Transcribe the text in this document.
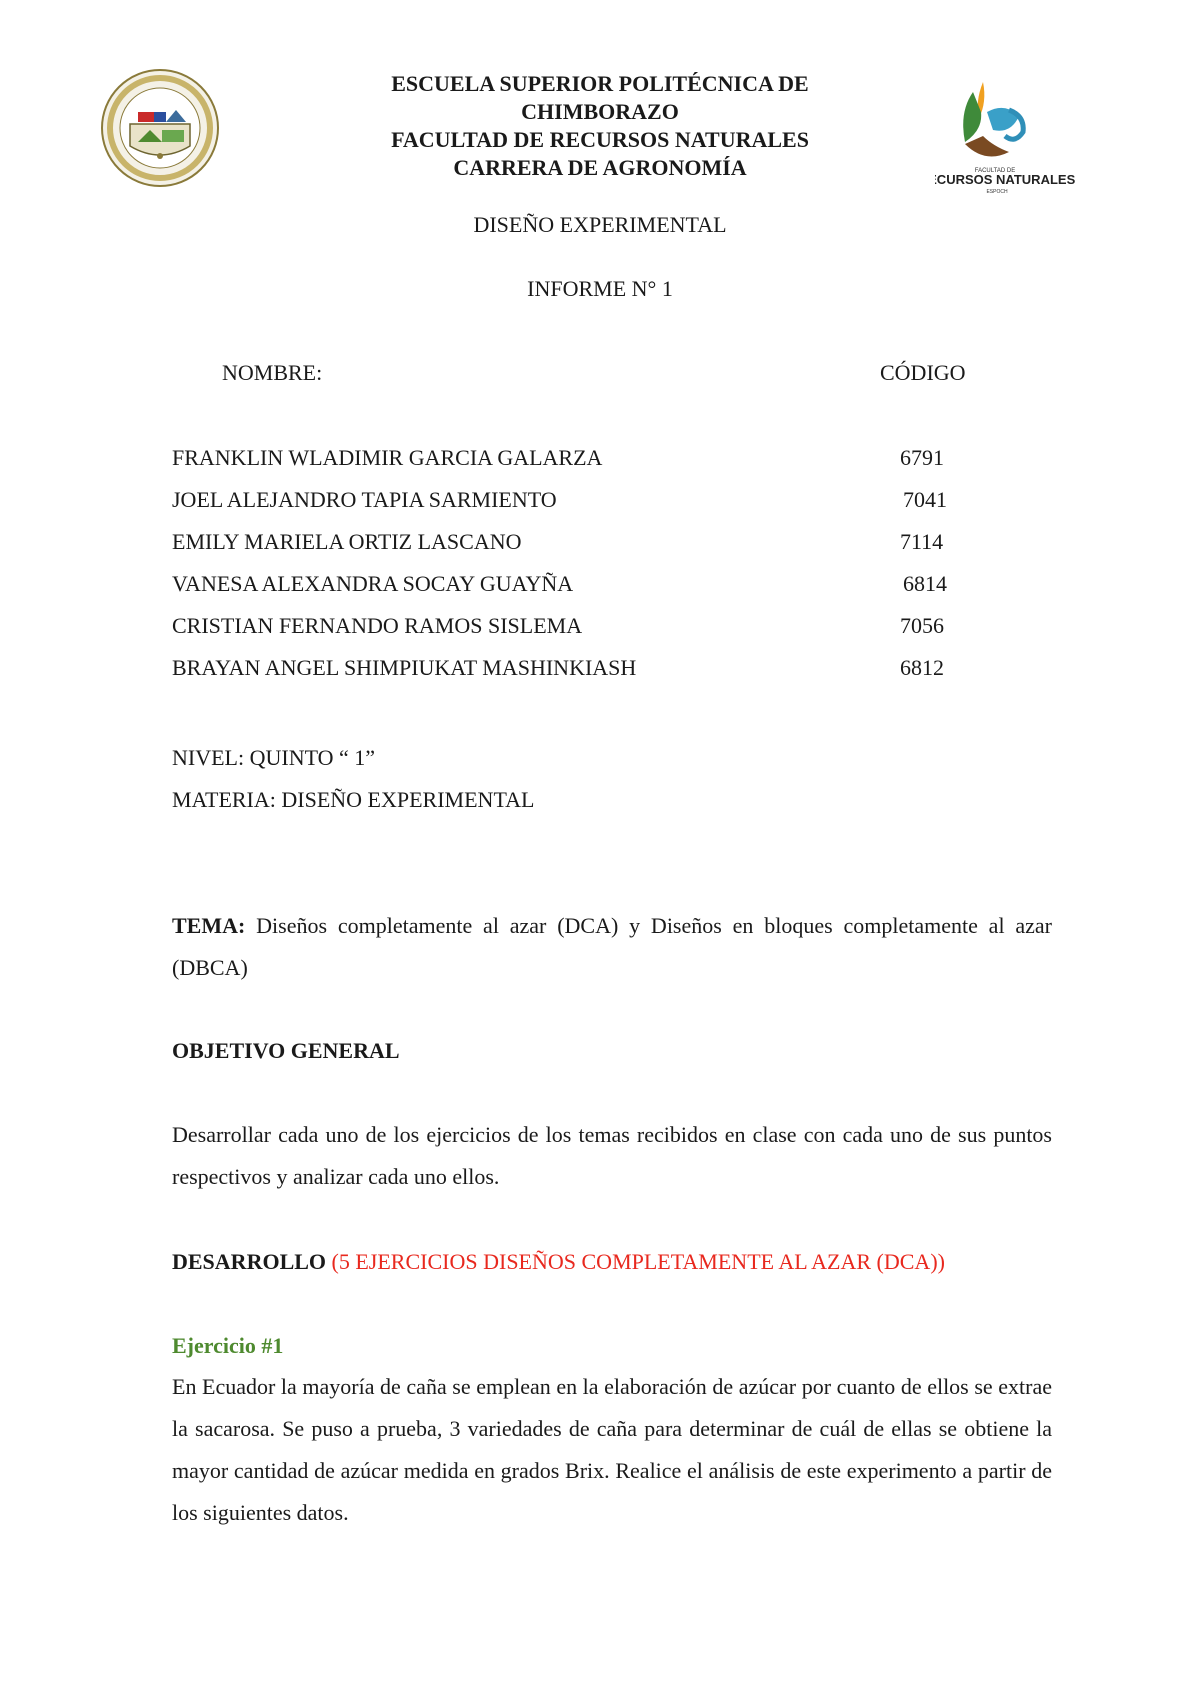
ESCUELA SUPERIOR POLITÉCNICA DE
CHIMBORAZO
FACULTAD DE RECURSOS NATURALES
CARRERA DE AGRONOMÍA	FACULTAD DE
CURSOS NATURALES
ESPOCH
DISEÑO EXPERIMENTAL
INFORME N° 1
NOMBRE:	CÓDIGO
FRANKLIN WLADIMIR GARCIA GALARZA	6791
JOEL ALEJANDRO TAPIA SARMIENTO	7041
EMILY MARIELA ORTIZ LASCANO	7114
VANESA ALEXANDRA SOCAY GUAYÑA	6814
CRISTIAN FERNANDO RAMOS SISLEMA	7056
BRAYAN ANGEL SHIMPIUKAT MASHINKIASH	6812
NIVEL: QUINTO “ 1”
MATERIA: DISEÑO EXPERIMENTAL
TEMA: Diseños completamente al azar (DCA) y Diseños en bloques completamente al azar (DBCA)
OBJETIVO GENERAL
Desarrollar cada uno de los ejercicios de los temas recibidos en clase con cada uno de sus puntos respectivos y analizar cada uno ellos.
DESARROLLO (5 EJERCICIOS DISEÑOS COMPLETAMENTE AL AZAR (DCA))
Ejercicio #1
En Ecuador la mayoría de caña se emplean en la elaboración de azúcar por cuanto de ellos se extrae la sacarosa. Se puso a prueba, 3 variedades de caña para determinar de cuál de ellas se obtiene la mayor cantidad de azúcar medida en grados Brix. Realice el análisis de este experimento a partir de los siguientes datos.
